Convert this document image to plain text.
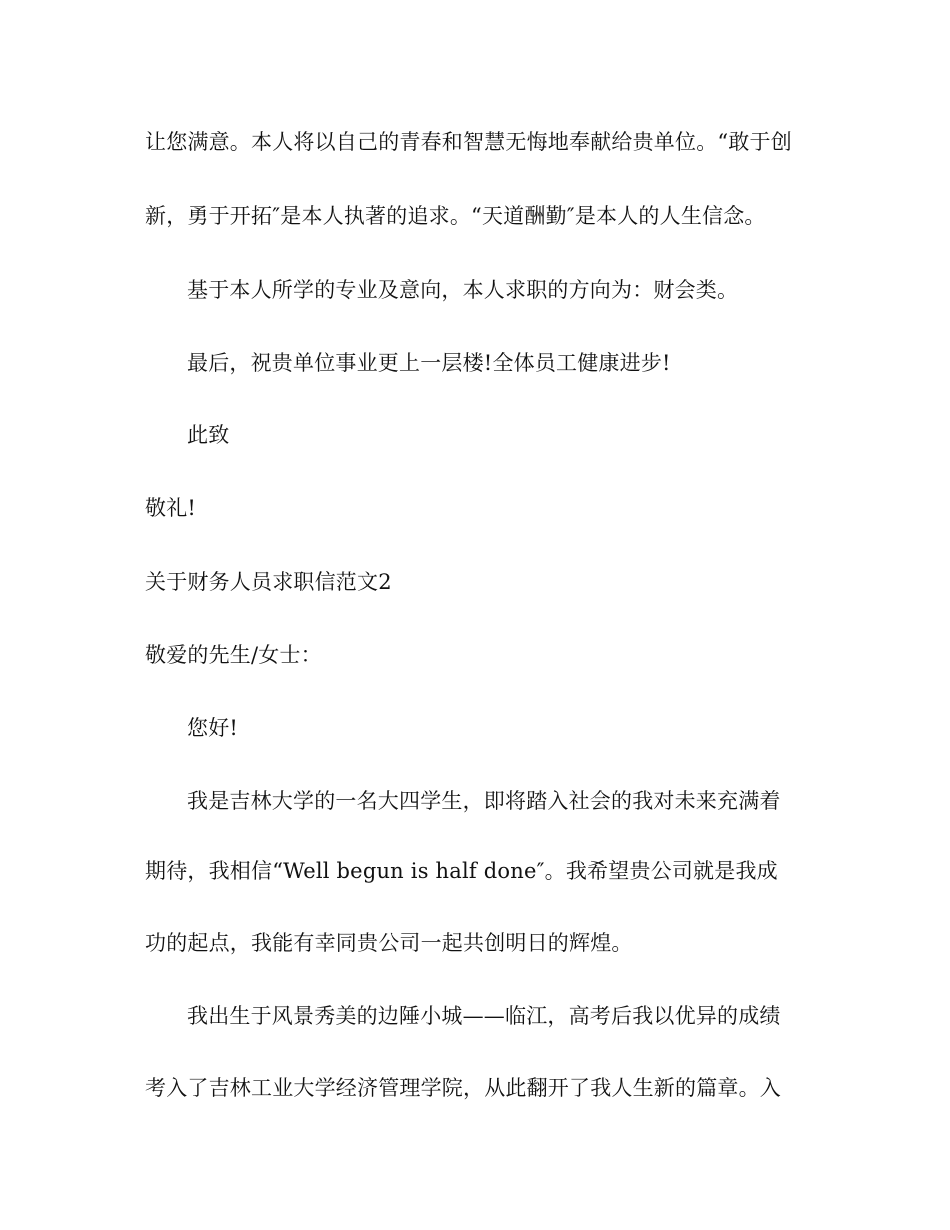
让您满意。本人将以自己的青春和智慧无悔地奉献给贵单位。“敢于创
新，勇于开拓″是本人执著的追求。“天道酬勤″是本人的人生信念。
基于本人所学的专业及意向，本人求职的方向为：财会类。
最后，祝贵单位事业更上一层楼!全体员工健康进步!
此致
敬礼!
关于财务人员求职信范文2
敬爱的先生/女士：
您好!
我是吉林大学的一名大四学生，即将踏入社会的我对未来充满着
期待，我相信“Well begun is half done″。我希望贵公司就是我成
功的起点，我能有幸同贵公司一起共创明日的辉煌。
我出生于风景秀美的边陲小城——临江，高考后我以优异的成绩
考入了吉林工业大学经济管理学院，从此翻开了我人生新的篇章。入
